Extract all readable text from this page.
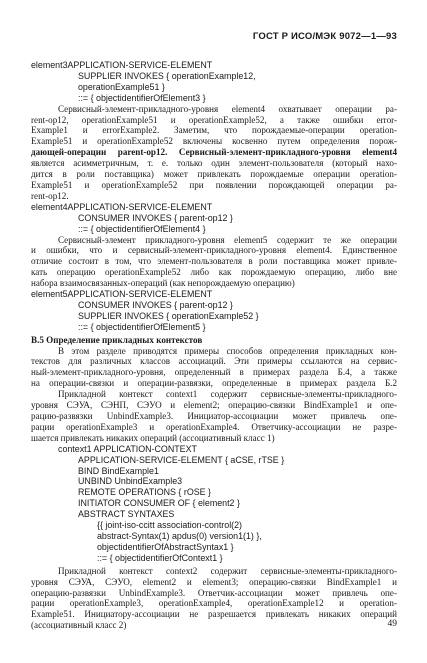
ГОСТ Р ИСО/МЭК 9072—1—93
element3APPLICATION-SERVICE-ELEMENT
SUPPLIER INVOKES { operationExample12,
operationExample51 }
::= { objectidentifierOfElement3 }
Сервисный-элемент-прикладного-уровня element4 охватывает операции pa-
rent-op12, operationExample51 и operationExample52, а также ошибки error-
Example1 и errorExample2. Заметим, что порождаемые-операции operation-
Example51 и operationExample52 включены косвенно путем определения порож-
дающей-операции parent-op12. Сервисный-элемент-прикладного-уровня element4
является асимметричным, т. е. только один элемент-пользователя (который нахо-
дится в роли поставщика) может привлекать порождаемые операции operation-
Example51 и operationExample52 при появлении порождающей операции pa-
rent-op12.
element4APPLICATION-SERVICE-ELEMENT
CONSUMER INVOKES { parent-op12 }
::= { objectidentifierOfElement4 }
Сервисный-элемент прикладного-уровня element5 содержит те же операции
и ошибки, что и сервисный-элемент-прикладного-уровня element4. Единственное
отличие состоит в том, что элемент-пользователя в роли поставщика может привле-
кать операцию operationExample52 либо как порождаемую операцию, либо вне
набора взаимосвязанных-операций (как непорождаемую операцию)
element5APPLICATION-SERVICE-ELEMENT
CONSUMER INVOKES { parent-op12 }
SUPPLIER INVOKES { operationExample52 }
::= { objectidentifierOfElement5 }
В.5 Определение прикладных контекстов
В этом разделе приводятся примеры способов определения прикладных кон-
текстов для различных классов ассоциаций. Эти примеры ссылаются на сервис-
ный-элемент-прикладного-уровня, определенный в примерах раздела Б.4, а также
на операции-связки и операции-развязки, определенные в примерах раздела Б.2
Прикладной контекст context1 содержит сервисные-элементы-прикладного-
уровня СЭУА, СЭНП, СЭУО и element2; операцию-связки BindExample1 и опе-
рацию-развязки UnbindExample3. Инициатор-ассоциации может привлечь опе-
рации operationExample3 и operationExample4. Ответчику-ассоциации не разре-
шается привлекать никаких операций (ассоциативный класс 1)
context1 APPLICATION-CONTEXT
APPLICATION-SERVICE-ELEMENT { aCSE, rTSE }
BIND BindExample1
UNBIND UnbindExample3
REMOTE OPERATIONS { rOSE }
INITIATOR CONSUMER OF { element2 }
ABSTRACT SYNTAXES
{{ joint-iso-ccitt association-control(2)
abstract-Syntax(1) apdus(0) version1(1) },
objectidentifierOfAbstractSyntax1 }
::= { objectidentifierOfContext1 }
Прикладной контекст context2 содержит сервисные-элементы-прикладного-
уровня СЭУА, СЭУО, element2 и element3; операцию-связки BindExample1 и
операцию-развязки UnbindExample3. Ответчик-ассоциации может привлечь опе-
рации operationExample3, operationExample4, operationExample12 и operation-
Example51. Инициатору-ассоциации не разрешается привлекать никаких операций
(ассоциативный класс 2)	49
